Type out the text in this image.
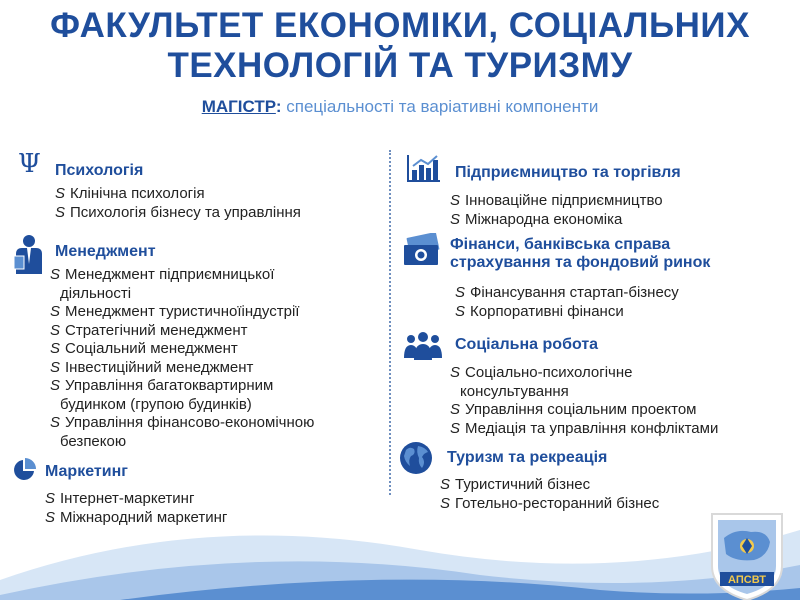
ФАКУЛЬТЕТ ЕКОНОМІКИ, СОЦІАЛЬНИХ
ТЕХНОЛОГІЙ ТА ТУРИЗМУ
МАГІСТР: спеціальності та варіативні компоненти
Ψ Психологія
S Клінічна психологія
S Психологія бізнесу та управління
Менеджмент
S Менеджмент підприємницької
діяльності
S Менеджмент туристичноїіндустрії
S Стратегічний менеджмент
S Соціальний менеджмент
S Інвестиційний менеджмент
S Управління багатоквартирним
будинком (групою будинків)
S Управління фінансово-економічною
безпекою
Маркетинг
S Інтернет-маркетинг
S Міжнародний маркетинг
Підприємництво та торгівля
S Інноваційне підприємництво
S Міжнародна економіка
Фінанси, банківська справа
страхування та фондовий ринок
S Фінансування стартап-бізнесу
S Корпоративні фінанси
Соціальна робота
S Соціально-психологічне
консультування
S Управління соціальним проектом
S Медіація та управління конфліктами
Туризм та рекреація
S Туристичний бізнес
S Готельно-ресторанний бізнес
АПСВТ
